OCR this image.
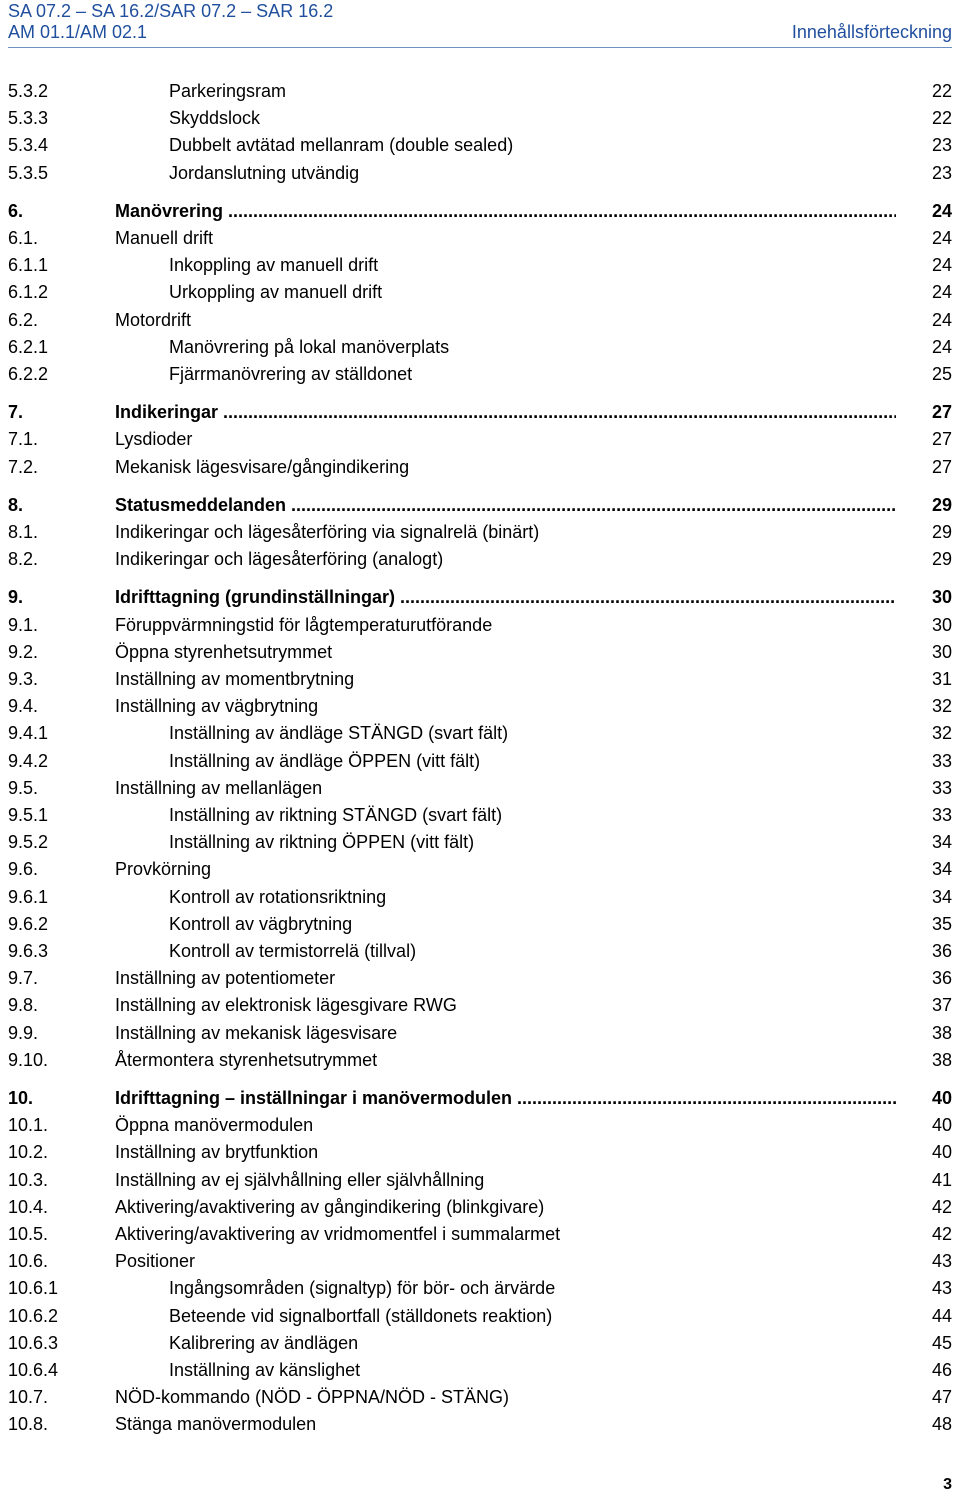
SA 07.2 – SA 16.2/SAR 07.2 – SAR 16.2
AM 01.1/AM 02.1	Innehållsförteckning
5.3.2	Parkeringsram	22
5.3.3	Skyddslock	22
5.3.4	Dubbelt avtätad mellanram (double sealed)	23
5.3.5	Jordanslutning utvändig	23
6.	Manövrering .....	24
6.1.	Manuell drift	24
6.1.1	Inkoppling av manuell drift	24
6.1.2	Urkoppling av manuell drift	24
6.2.	Motordrift	24
6.2.1	Manövrering på lokal manöverplats	24
6.2.2	Fjärrmanövrering av ställdonet	25
7.	Indikeringar .....	27
7.1.	Lysdioder	27
7.2.	Mekanisk lägesvisare/gångindikering	27
8.	Statusmeddelanden .....	29
8.1.	Indikeringar och lägesåterföring via signalrelä (binärt)	29
8.2.	Indikeringar och lägesåterföring (analogt)	29
9.	Idrifttagning (grundinställningar) .....	30
9.1.	Föruppvärmningstid för lågtemperaturutförande	30
9.2.	Öppna styrenhetsutrymmet	30
9.3.	Inställning av momentbrytning	31
9.4.	Inställning av vägbrytning	32
9.4.1	Inställning av ändläge STÄNGD (svart fält)	32
9.4.2	Inställning av ändläge ÖPPEN (vitt fält)	33
9.5.	Inställning av mellanlägen	33
9.5.1	Inställning av riktning STÄNGD (svart fält)	33
9.5.2	Inställning av riktning ÖPPEN (vitt fält)	34
9.6.	Provkörning	34
9.6.1	Kontroll av rotationsriktning	34
9.6.2	Kontroll av vägbrytning	35
9.6.3	Kontroll av termistorrelä (tillval)	36
9.7.	Inställning av potentiometer	36
9.8.	Inställning av elektronisk lägesgivare RWG	37
9.9.	Inställning av mekanisk lägesvisare	38
9.10.	Återmontera styrenhetsutrymmet	38
10.	Idrifttagning – inställningar i manövermodulen .....	40
10.1.	Öppna manövermodulen	40
10.2.	Inställning av brytfunktion	40
10.3.	Inställning av ej självhållning eller självhållning	41
10.4.	Aktivering/avaktivering av gångindikering (blinkgivare)	42
10.5.	Aktivering/avaktivering av vridmomentfel i summalarmet	42
10.6.	Positioner	43
10.6.1	Ingångsområden (signaltyp) för bör- och ärvärde	43
10.6.2	Beteende vid signalbortfall (ställdonets reaktion)	44
10.6.3	Kalibrering av ändlägen	45
10.6.4	Inställning av känslighet	46
10.7.	NÖD-kommando (NÖD - ÖPPNA/NÖD - STÄNG)	47
10.8.	Stänga manövermodulen	48
3
